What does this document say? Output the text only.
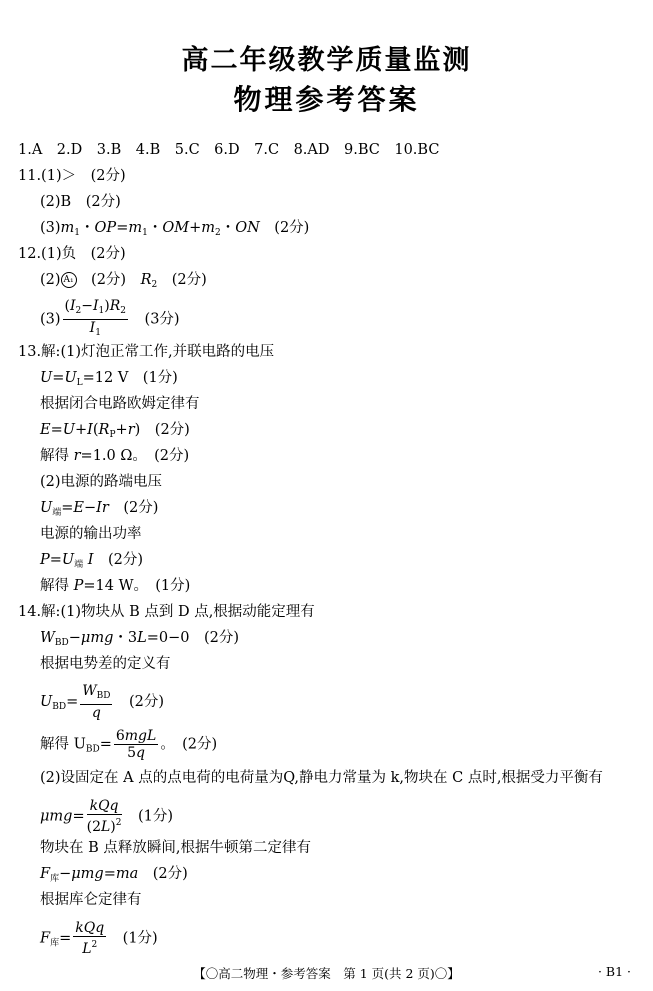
高二年级教学质量监测
物理参考答案
1.A　2.D　3.B　4.B　5.C　6.D　7.C　8.AD　9.BC　10.BC
11.(1)＞　 (2分)
(2)B　 (2分)
$(3)m_1$・$OP=m_1$・$OM+m_2$・ON　 (2分)
12.(1)负　 (2分)
(2) A₁　 (2分)　 $R_2$　 (2分)
$(3) \frac{(I_2-I_1)R_2}{I_1}$
　 (3分)
13.解:(1)灯泡正常工作,并联电路的电压
$U=U_L=12$ V　(1分)
根据闭合电路欧姆定律有
$E=U+I(R_P+r)$　(2分)
解得 r=1.0 Ω。　(2分)
(2)电源的路端电压
$U_端=E-Ir$　 (2分)
电源的输出功率
$P=U_端$ I　 (2分)
解得 P=14 W。　(1分)
14.解:(1)物块从 B 点到 D 点,根据动能定理有
$W_{BD}-\mu mg$・3L=0−0　(2分)
根据电势差的定义有
$U_{BD}= \frac{W_{BD}}{q}$
　 (2分)
解得 $U_{BD}= \frac{\text{6mgL}}{5q}$ 。　(2分)
(2)设固定在 A 点的点电荷的电荷量为Q,静电力常量为 k,物块在 C 点时,根据受力平衡有
$\mu mg= \frac{\text{kQq}}{(2L)^2}$
　 (1分)
物块在 B 点释放瞬间,根据牛顿第二定律有
$F_库-\mu mg=ma$　 (2分)
根据库仑定律有
$F_库= \frac{\text{kQq}}{L^2}$
　 (1分)
【〇高二物理・参考答案　第 1 页(共 2 页)〇】	· B1 ·
